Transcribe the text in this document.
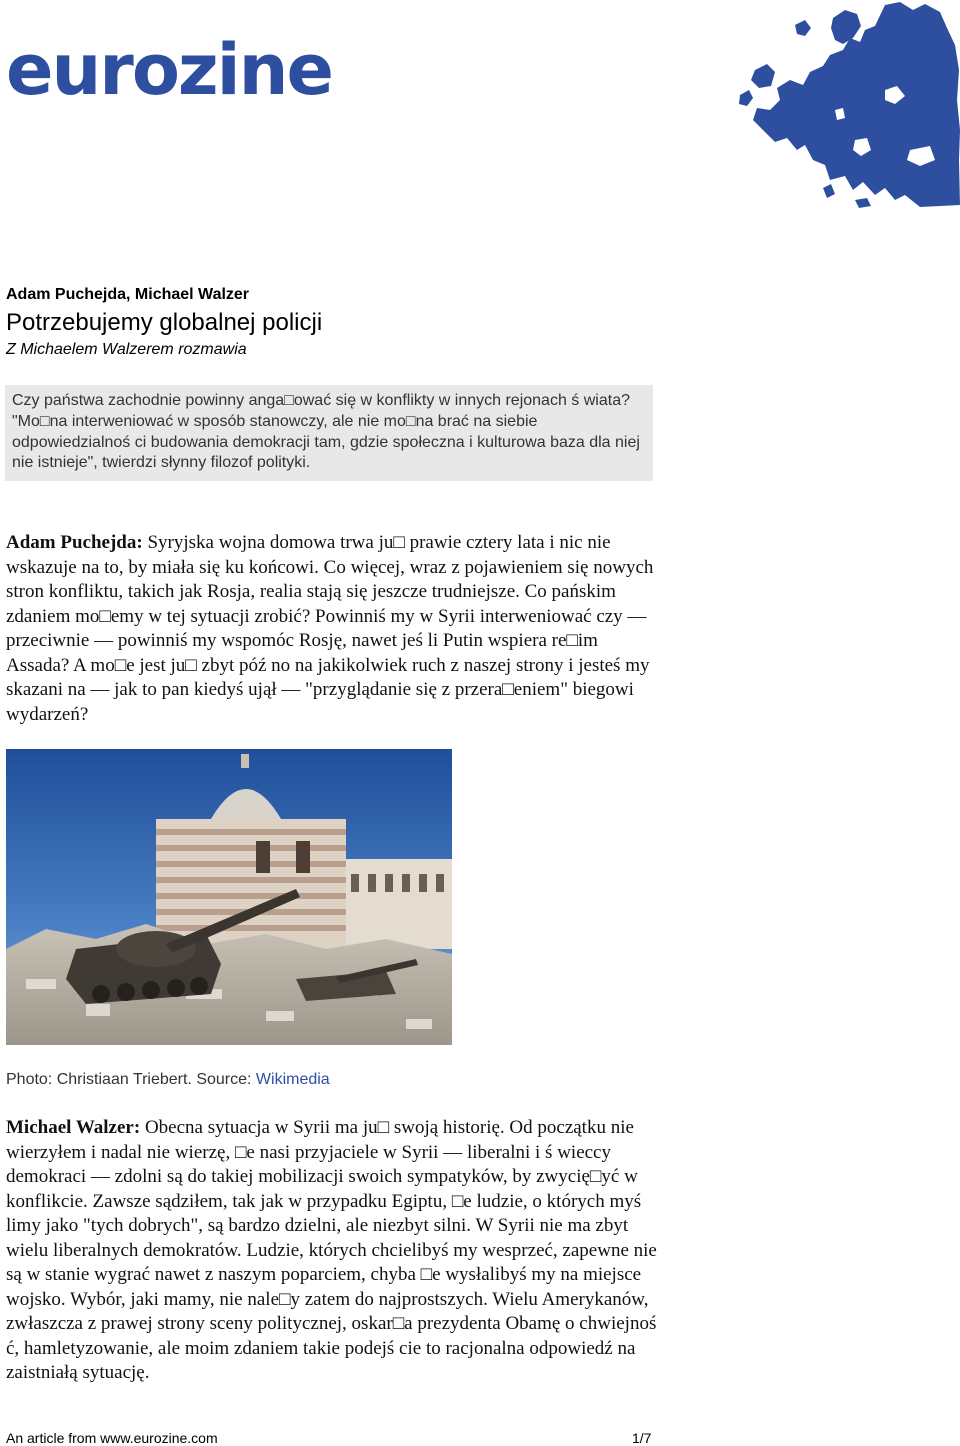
eurozine
Adam Puchejda, Michael Walzer
Potrzebujemy globalnej policji
Z Michaelem Walzerem rozmawia
Czy państwa zachodnie powinny anga□ować się w konflikty w innych rejonach ś wiata? "Mo□na interweniować w sposób stanowczy, ale nie mo□na brać na siebie odpowiedzialnoś ci budowania demokracji tam, gdzie społeczna i kulturowa baza dla niej nie istnieje", twierdzi słynny filozof polityki.
Adam Puchejda: Syryjska wojna domowa trwa ju□ prawie cztery lata i nic nie wskazuje na to, by miała się ku końcowi. Co więcej, wraz z pojawieniem się nowych stron konfliktu, takich jak Rosja, realia stają się jeszcze trudniejsze. Co pańskim zdaniem mo□emy w tej sytuacji zrobić? Powinniś my w Syrii interweniować czy –– przeciwnie –– powinniś my wspomóc Rosję, nawet jeś li Putin wspiera re□im Assada? A mo□e jest ju□ zbyt póź no na jakikolwiek ruch z naszej strony i jesteś my skazani na –– jak to pan kiedyś ujął –– "przyglądanie się z przera□eniem" biegowi wydarzeń?
Photo: Christiaan Triebert. Source: Wikimedia
Michael Walzer: Obecna sytuacja w Syrii ma ju□ swoją historię. Od początku nie wierzyłem i nadal nie wierzę, □e nasi przyjaciele w Syrii –– liberalni i ś wieccy demokraci –– zdolni są do takiej mobilizacji swoich sympatyków, by zwycię□yć w konflikcie. Zawsze sądziłem, tak jak w przypadku Egiptu, □e ludzie, o których myś limy jako "tych dobrych", są bardzo dzielni, ale niezbyt silni. W Syrii nie ma zbyt wielu liberalnych demokratów. Ludzie, których chcielibyś my wesprzeć, zapewne nie są w stanie wygrać nawet z naszym poparciem, chyba □e wysłalibyś my na miejsce wojsko. Wybór, jaki mamy, nie nale□y zatem do najprostszych. Wielu Amerykanów, zwłaszcza z prawej strony sceny politycznej, oskar□a prezydenta Obamę o chwiejnoś ć, hamletyzowanie, ale moim zdaniem takie podejś cie to racjonalna odpowiedź na zaistniałą sytuację.
An article from www.eurozine.com	1/7
